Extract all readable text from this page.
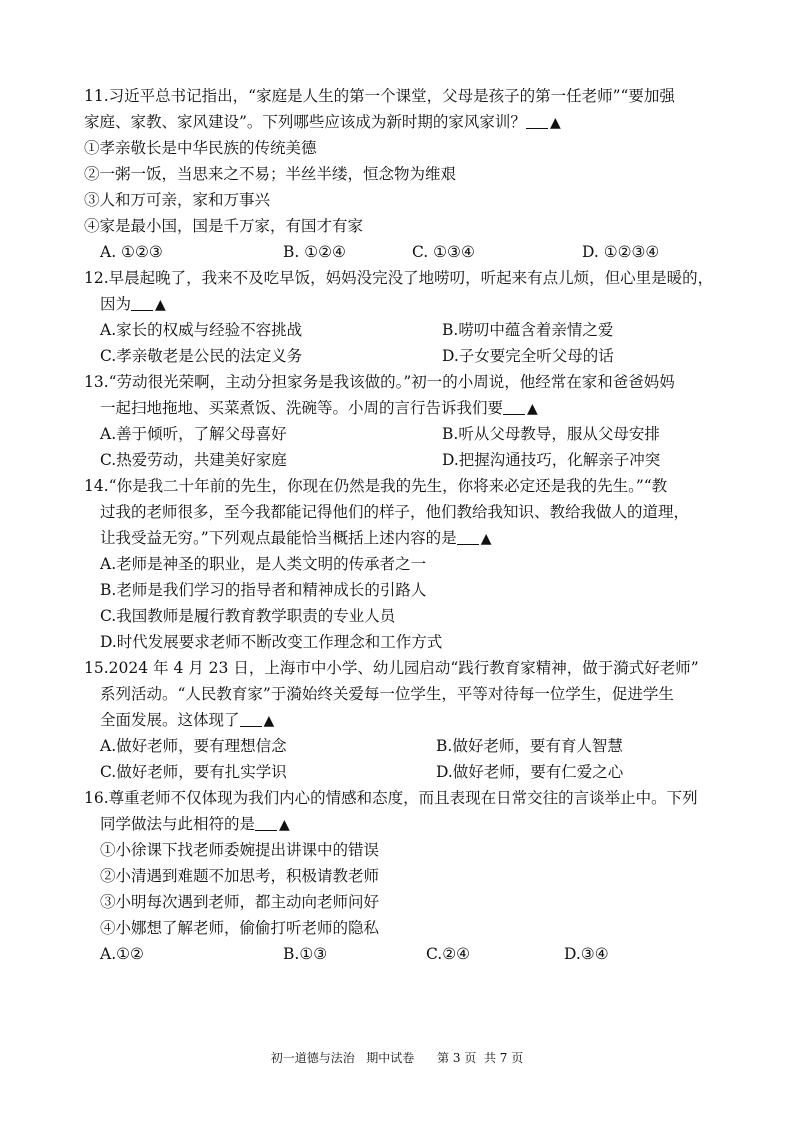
11.习近平总书记指出，“家庭是人生的第一个课堂，父母是孩子的第一任老师”“要加强
家庭、家教、家风建设”。下列哪些应该成为新时期的家风家训？ ▲
①孝亲敬长是中华民族的传统美德
②一粥一饭，当思来之不易；半丝半缕，恒念物为维艰
③人和万可亲，家和万事兴
④家是最小国，国是千万家，有国才有家
A. ①②③	B. ①②④	C. ①③④	D. ①②③④
12.早晨起晚了，我来不及吃早饭，妈妈没完没了地唠叨，听起来有点儿烦，但心里是暖的，
因为 ▲
A.家长的权威与经验不容挑战	B.唠叨中蕴含着亲情之爱
C.孝亲敬老是公民的法定义务	D.子女要完全听父母的话
13.“劳动很光荣啊，主动分担家务是我该做的。”初一的小周说，他经常在家和爸爸妈妈
一起扫地拖地、买菜煮饭、洗碗等。小周的言行告诉我们要 ▲
A.善于倾听，了解父母喜好	B.听从父母教导，服从父母安排
C.热爱劳动，共建美好家庭	D.把握沟通技巧，化解亲子冲突
14.“你是我二十年前的先生，你现在仍然是我的先生，你将来必定还是我的先生。”“教
过我的老师很多，至今我都能记得他们的样子，他们教给我知识、教给我做人的道理，
让我受益无穷。”下列观点最能恰当概括上述内容的是 ▲
A.老师是神圣的职业，是人类文明的传承者之一
B.老师是我们学习的指导者和精神成长的引路人
C.我国教师是履行教育教学职责的专业人员
D.时代发展要求老师不断改变工作理念和工作方式
15.2024 年 4 月 23 日，上海市中小学、幼儿园启动“践行教育家精神，做于漪式好老师”
系列活动。“人民教育家”于漪始终关爱每一位学生，平等对待每一位学生，促进学生
全面发展。这体现了 ▲
A.做好老师，要有理想信念	B.做好老师，要有育人智慧
C.做好老师，要有扎实学识	D.做好老师，要有仁爱之心
16.尊重老师不仅体现为我们内心的情感和态度，而且表现在日常交往的言谈举止中。下列
同学做法与此相符的是 ▲
①小徐课下找老师委婉提出讲课中的错误
②小清遇到难题不加思考，积极请教老师
③小明每次遇到老师，都主动向老师问好
④小娜想了解老师，偷偷打听老师的隐私
A.①②	B.①③	C.②④	D.③④
初一道德与法治   期中试卷      第 3 页  共 7 页
